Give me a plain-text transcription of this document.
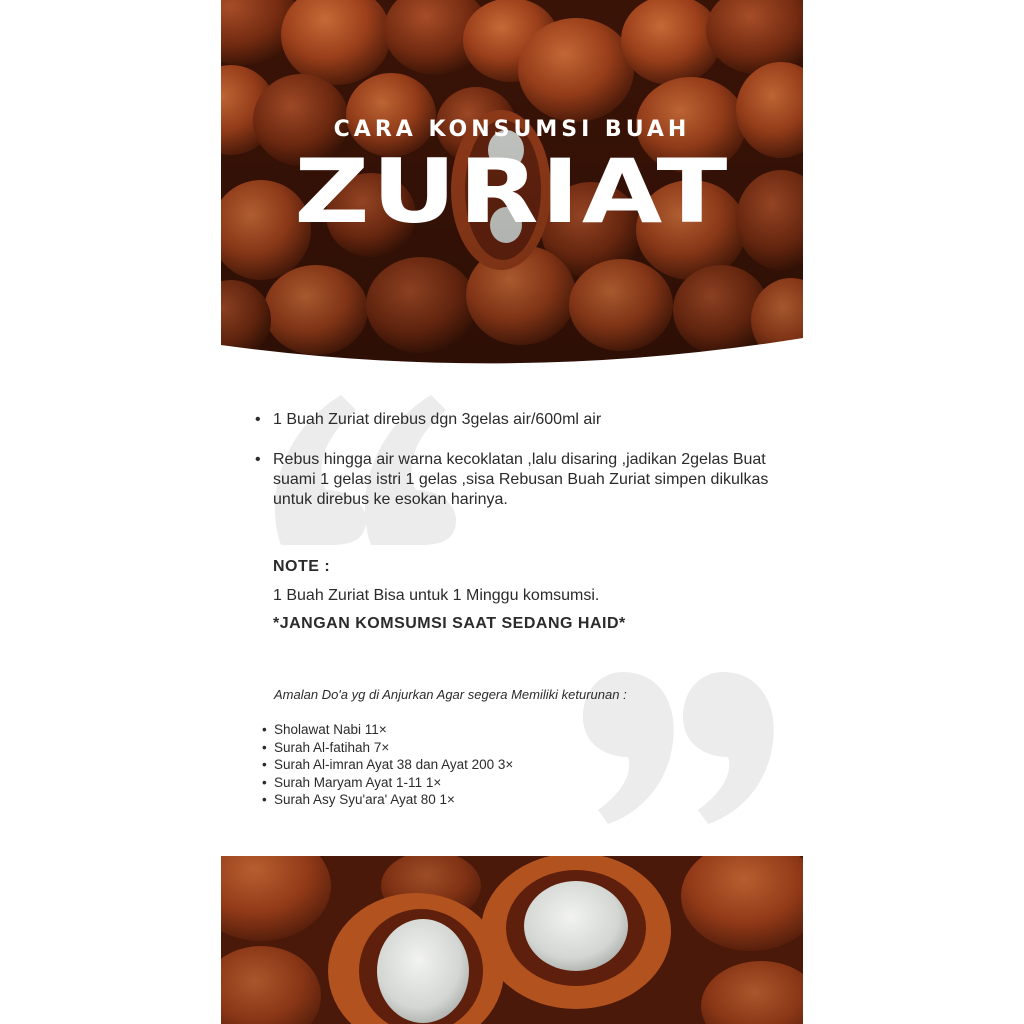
CARA KONSUMSI BUAH
ZURIAT
• 1 Buah Zuriat direbus dgn 3gelas air/600ml air
• Rebus hingga air warna kecoklatan ,lalu disaring ,jadikan 2gelas Buat suami 1 gelas istri 1 gelas ,sisa Rebusan Buah Zuriat simpen dikulkas untuk direbus ke esokan harinya.
NOTE :
1 Buah Zuriat Bisa untuk 1 Minggu komsumsi.
*JANGAN KOMSUMSI SAAT SEDANG HAID*
Amalan Do'a yg di Anjurkan Agar segera Memiliki keturunan :
• Sholawat Nabi 11×
• Surah Al-fatihah 7×
• Surah Al-imran Ayat 38 dan Ayat 200 3×
• Surah Maryam Ayat 1-11 1×
• Surah Asy Syu'ara' Ayat 80 1×
